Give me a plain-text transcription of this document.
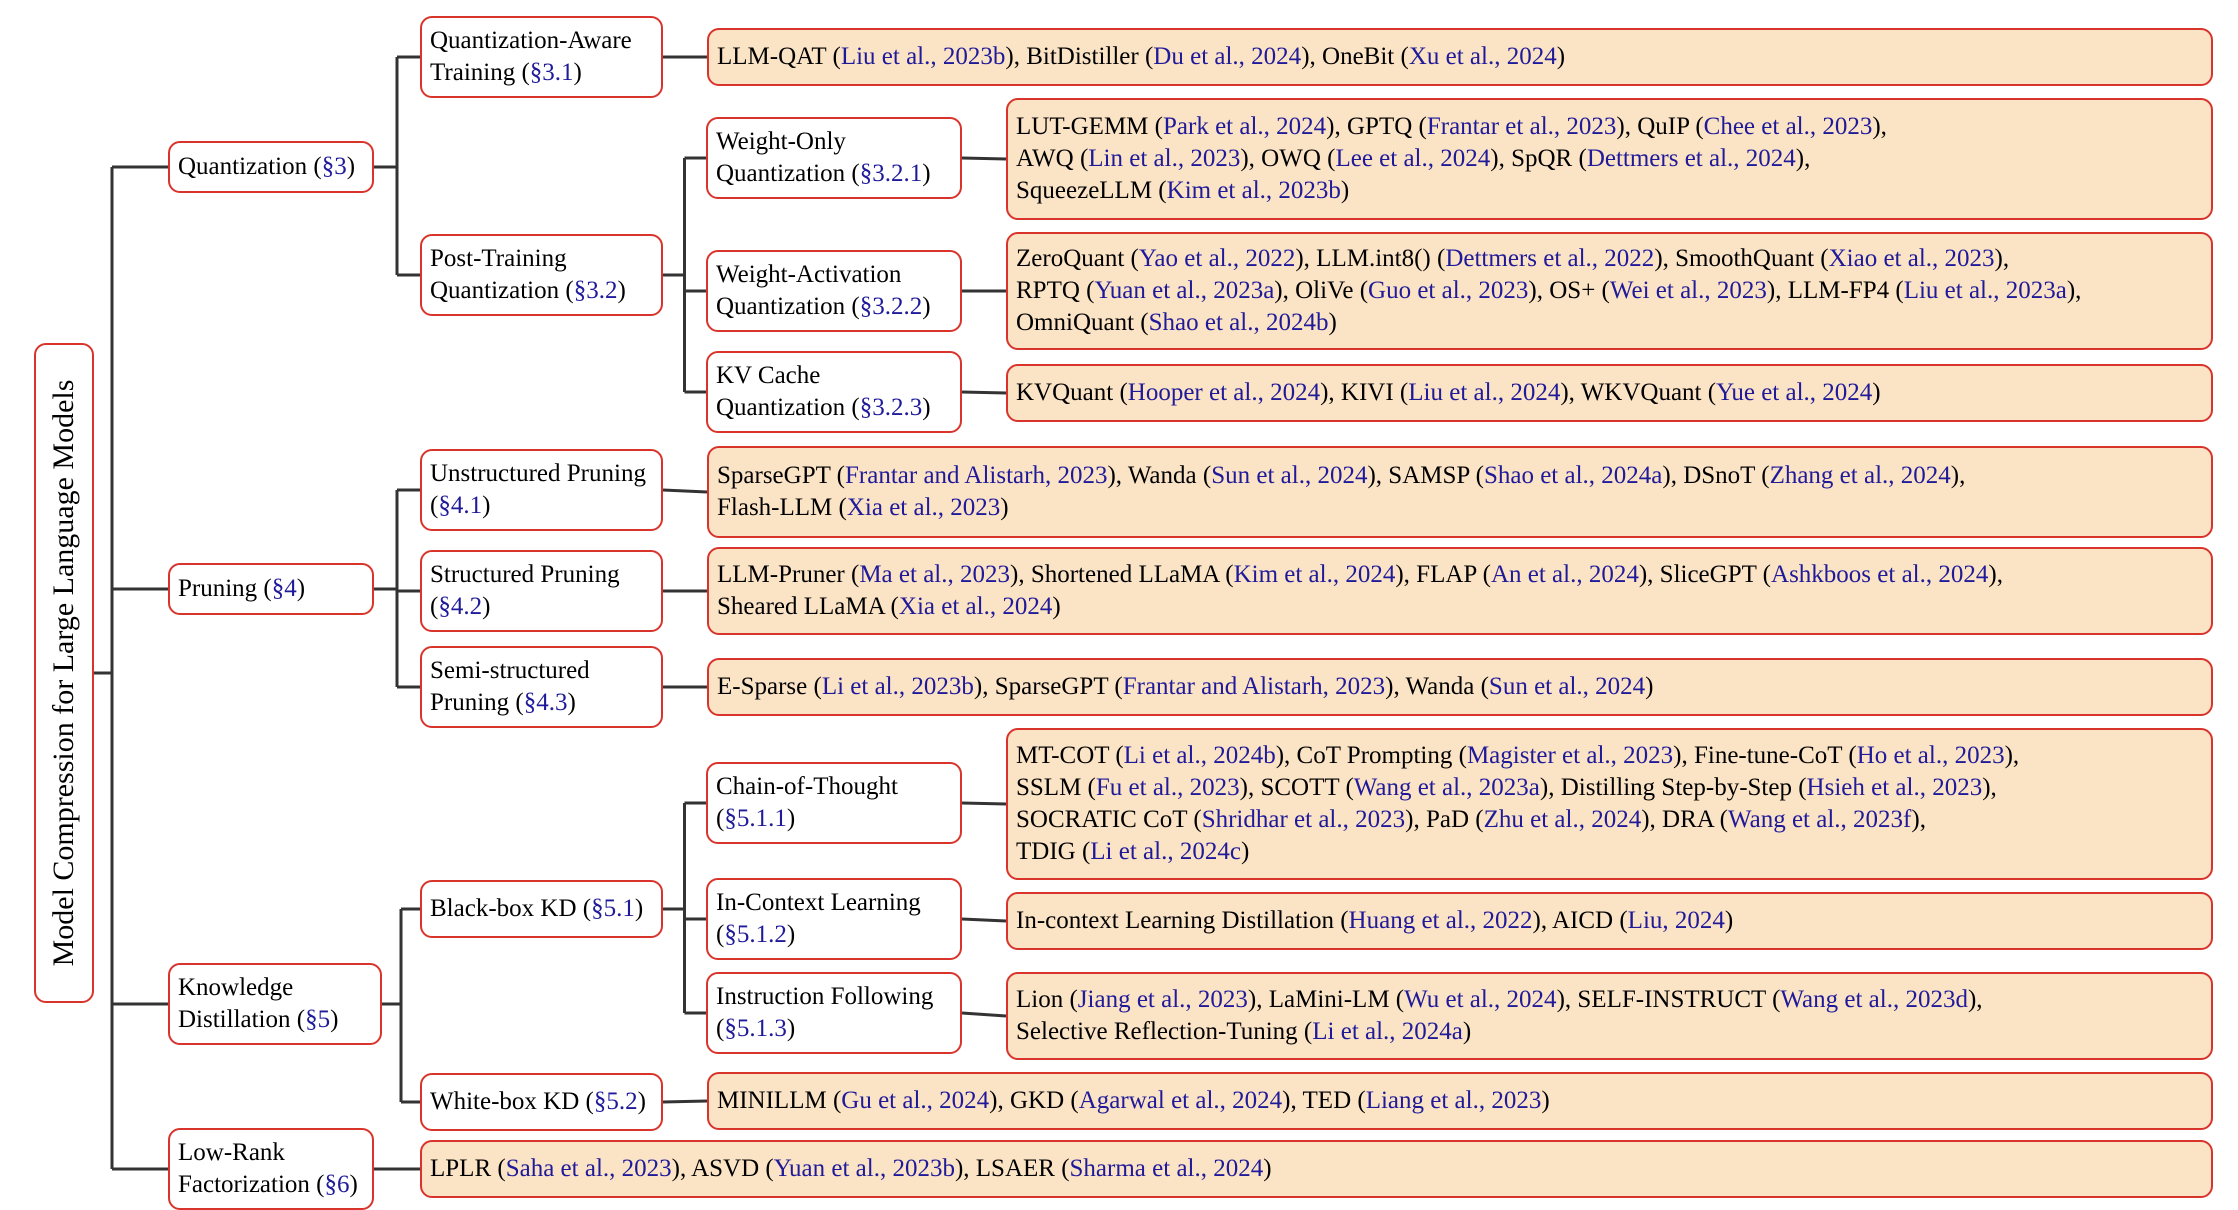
Model Compression for Large Language Models
Quantization (§3)
Quantization-Aware
Training (§3.1)
LLM-QAT (Liu et al., 2023b), BitDistiller (Du et al., 2024), OneBit (Xu et al., 2024)
Post-Training
Quantization (§3.2)
Weight-Only
Quantization (§3.2.1)
LUT-GEMM (Park et al., 2024), GPTQ (Frantar et al., 2023), QuIP (Chee et al., 2023),
AWQ (Lin et al., 2023), OWQ (Lee et al., 2024), SpQR (Dettmers et al., 2024),
SqueezeLLM (Kim et al., 2023b)
Weight-Activation
Quantization (§3.2.2)
ZeroQuant (Yao et al., 2022), LLM.int8() (Dettmers et al., 2022), SmoothQuant (Xiao et al., 2023),
RPTQ (Yuan et al., 2023a), OliVe (Guo et al., 2023), OS+ (Wei et al., 2023), LLM-FP4 (Liu et al., 2023a),
OmniQuant (Shao et al., 2024b)
KV Cache
Quantization (§3.2.3)
KVQuant (Hooper et al., 2024), KIVI (Liu et al., 2024), WKVQuant (Yue et al., 2024)
Pruning (§4)
Unstructured Pruning
(§4.1)
SparseGPT (Frantar and Alistarh, 2023), Wanda (Sun et al., 2024), SAMSP (Shao et al., 2024a), DSnoT (Zhang et al., 2024),
Flash-LLM (Xia et al., 2023)
Structured Pruning
(§4.2)
LLM-Pruner (Ma et al., 2023), Shortened LLaMA (Kim et al., 2024), FLAP (An et al., 2024), SliceGPT (Ashkboos et al., 2024),
Sheared LLaMA (Xia et al., 2024)
Semi-structured
Pruning (§4.3)
E-Sparse (Li et al., 2023b), SparseGPT (Frantar and Alistarh, 2023), Wanda (Sun et al., 2024)
Knowledge
Distillation (§5)
Black-box KD (§5.1)
Chain-of-Thought
(§5.1.1)
MT-COT (Li et al., 2024b), CoT Prompting (Magister et al., 2023), Fine-tune-CoT (Ho et al., 2023),
SSLM (Fu et al., 2023), SCOTT (Wang et al., 2023a), Distilling Step-by-Step (Hsieh et al., 2023),
SOCRATIC CoT (Shridhar et al., 2023), PaD (Zhu et al., 2024), DRA (Wang et al., 2023f),
TDIG (Li et al., 2024c)
In-Context Learning
(§5.1.2)
In-context Learning Distillation (Huang et al., 2022), AICD (Liu, 2024)
Instruction Following
(§5.1.3)
Lion (Jiang et al., 2023), LaMini-LM (Wu et al., 2024), SELF-INSTRUCT (Wang et al., 2023d),
Selective Reflection-Tuning (Li et al., 2024a)
White-box KD (§5.2)	MINILLM (Gu et al., 2024), GKD (Agarwal et al., 2024), TED (Liang et al., 2023)
Low-Rank
Factorization (§6)
LPLR (Saha et al., 2023), ASVD (Yuan et al., 2023b), LSAER (Sharma et al., 2024)
